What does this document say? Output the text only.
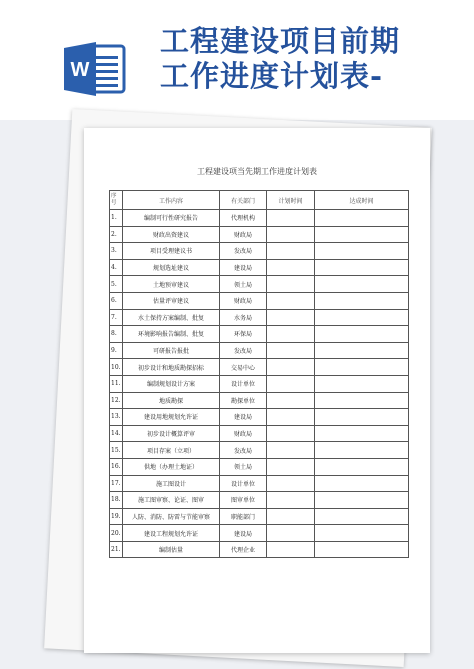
W
工程建设项目前期
工作进度计划表-
工程建设项当先期工作进度计划表
序
号	工作内容	有关部门	计划时间	达成时间
1.	编制可行性研究报告	代理机构		
2.	财政出资建议	财政局		
3.	项目受理建议书	发改局		
4.	规划选址建议	建设局		
5.	土地预审建议	领土局		
6.	估量评审建议	财政局		
7.	水土保持方案编制、批复	水务局		
8.	环境影响报告编制、批复	环保局		
9.	可研报告报批	发改局		
10.	初步设计和地质勘探招标	交易中心		
11.	编制规划设计方案	设计单位		
12.	地质勘探	勘探单位		
13.	建设用地规划允许证	建设局		
14.	初步设计概算评审	财政局		
15.	项目存案（立项）	发改局		
16.	供地（办理土地证）	领土局		
17.	施工图设计	设计单位		
18.	施工图审察、论证、图审	图审单位		
19.	人防、消防、防雷与节能审察	职能部门		
20.	建设工程规划允许证	建设局		
21.	编制估量	代理企业		
